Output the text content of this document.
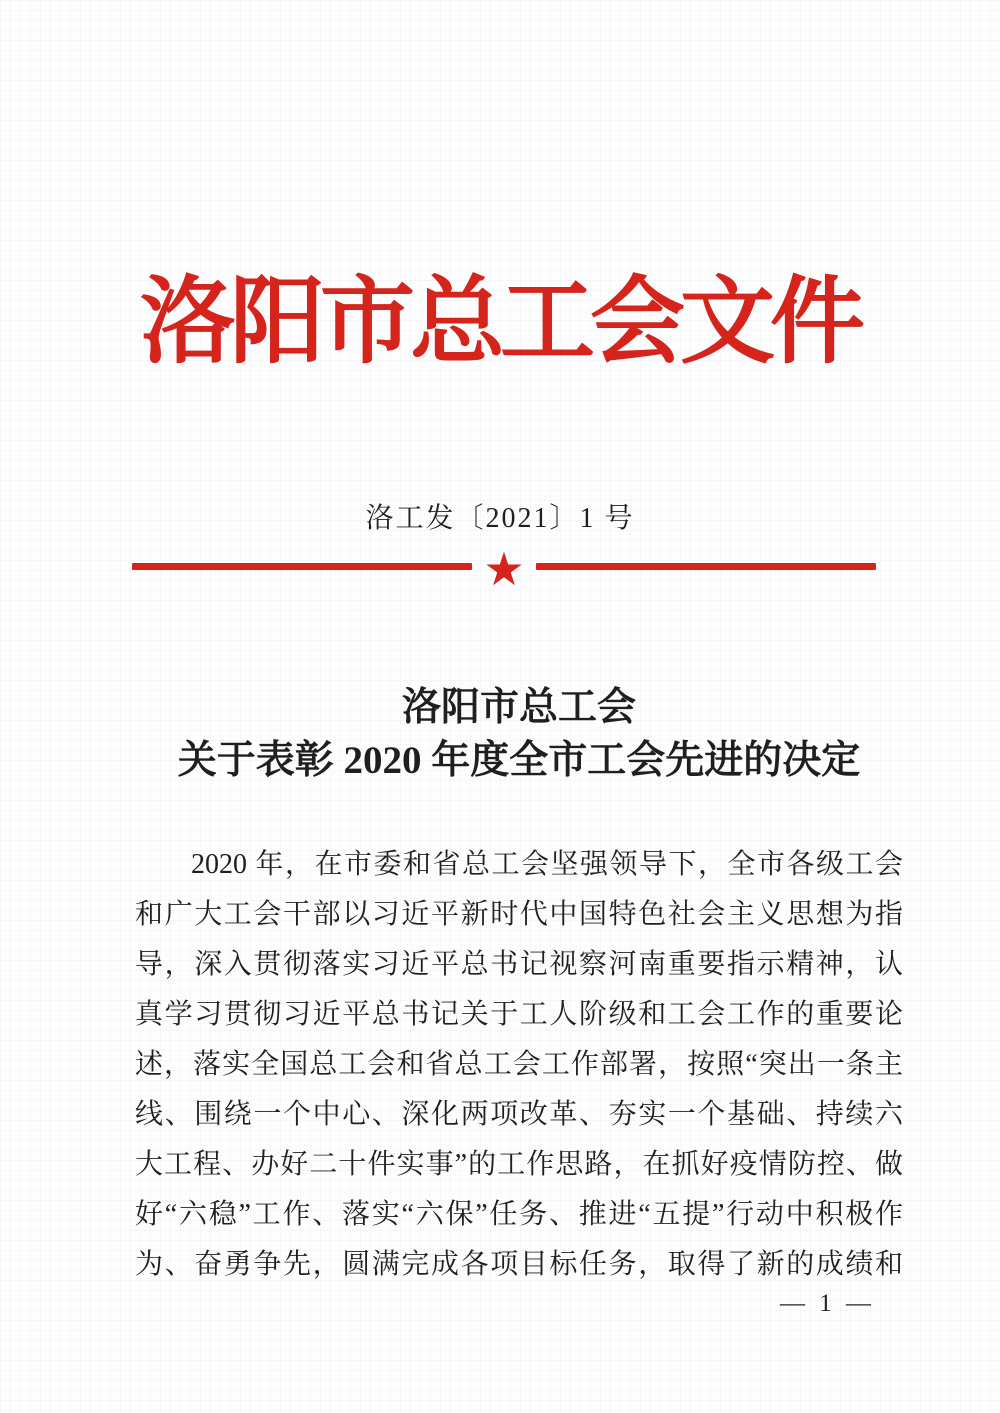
洛阳市总工会文件
洛工发〔2021〕1 号
★
洛阳市总工会
关于表彰 2020 年度全市工会先进的决定
2020 年，在市委和省总工会坚强领导下，全市各级工会
和广大工会干部以习近平新时代中国特色社会主义思想为指
导，深入贯彻落实习近平总书记视察河南重要指示精神，认
真学习贯彻习近平总书记关于工人阶级和工会工作的重要论
述，落实全国总工会和省总工会工作部署，按照“突出一条主
线、围绕一个中心、深化两项改革、夯实一个基础、持续六
大工程、办好二十件实事”的工作思路，在抓好疫情防控、做
好“六稳”工作、落实“六保”任务、推进“五提”行动中积极作
为、奋勇争先，圆满完成各项目标任务，取得了新的成绩和
— 1 —
